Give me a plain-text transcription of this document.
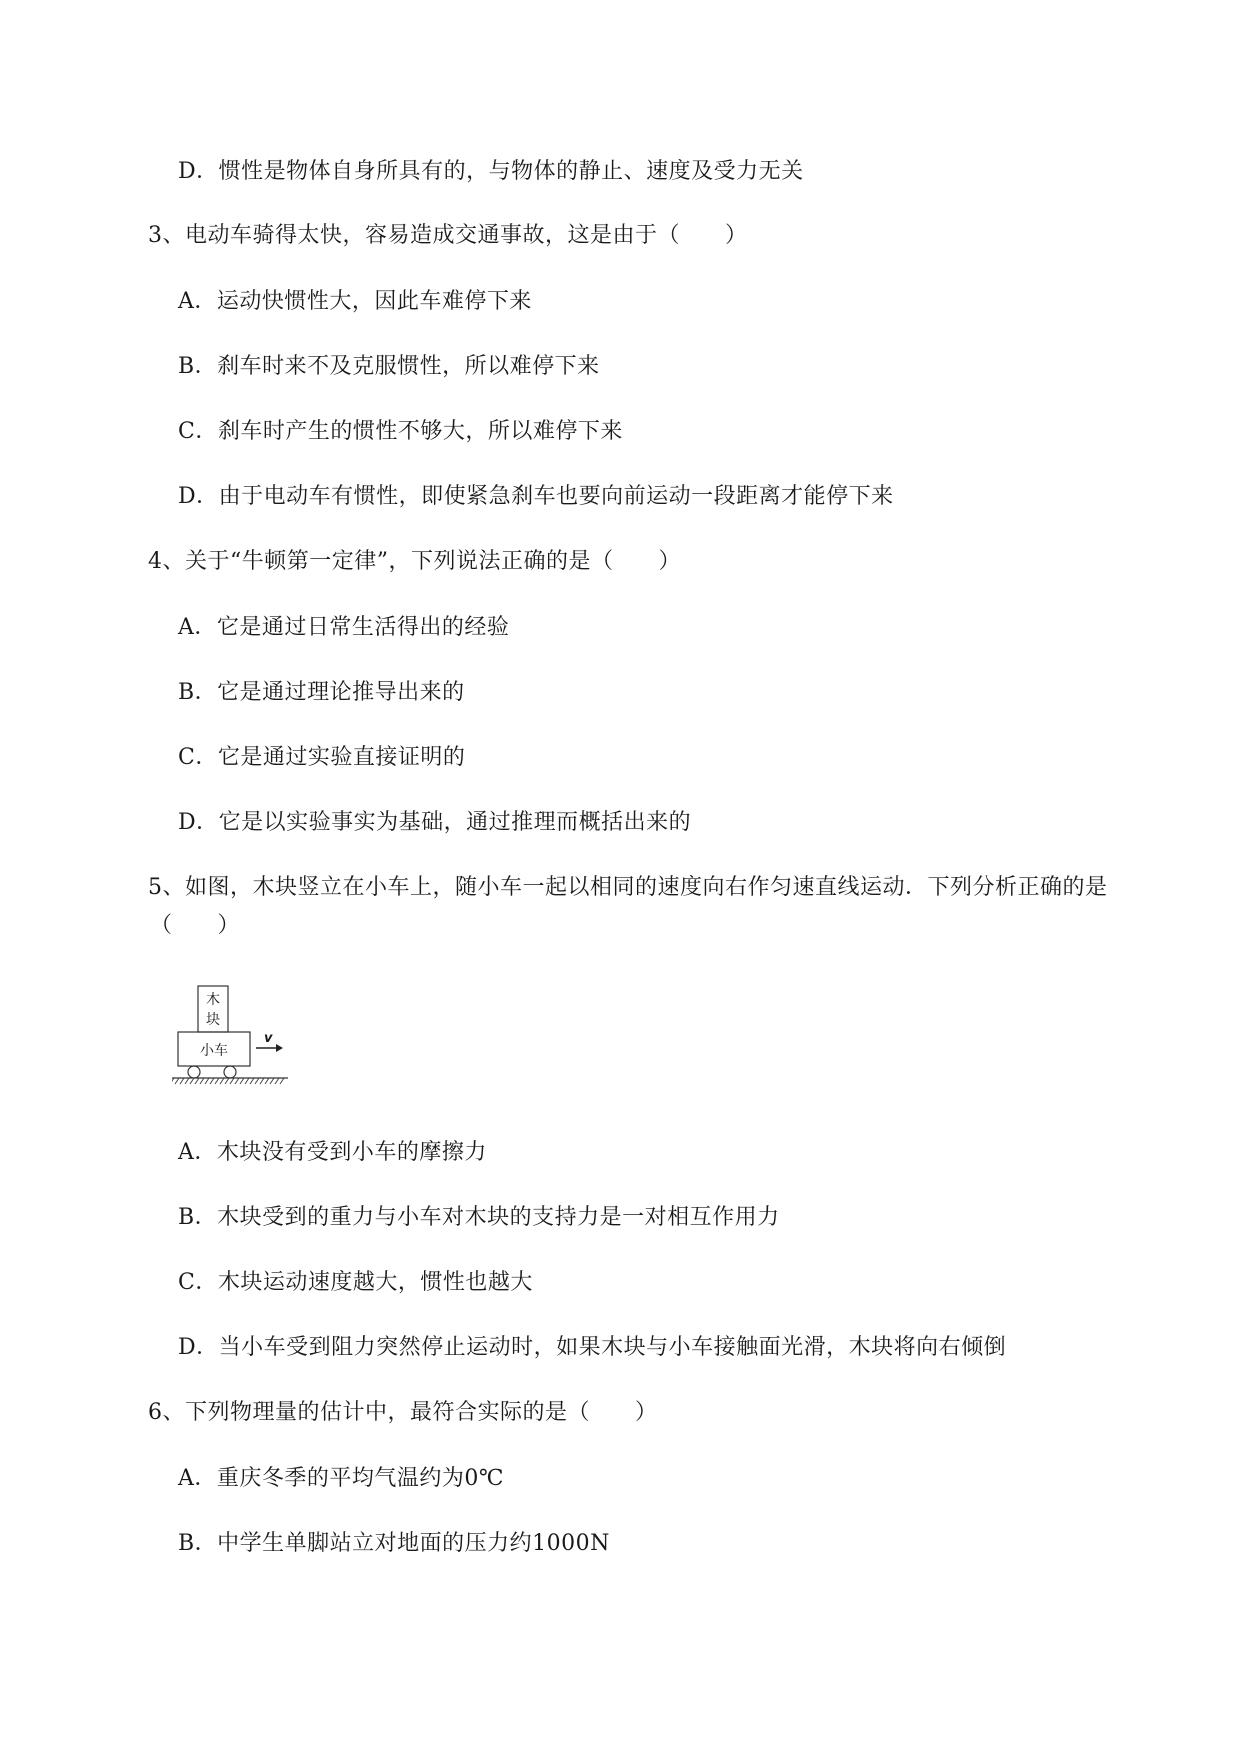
D．惯性是物体自身所具有的，与物体的静止、速度及受力无关
3、电动车骑得太快，容易造成交通事故，这是由于（　　）
A．运动快惯性大，因此车难停下来
B．刹车时来不及克服惯性，所以难停下来
C．刹车时产生的惯性不够大，所以难停下来
D．由于电动车有惯性，即使紧急刹车也要向前运动一段距离才能停下来
4、关于“牛顿第一定律”，下列说法正确的是（　　）
A．它是通过日常生活得出的经验
B．它是通过理论推导出来的
C．它是通过实验直接证明的
D．它是以实验事实为基础，通过推理而概括出来的
5、如图，木块竖立在小车上，随小车一起以相同的速度向右作匀速直线运动．下列分析正确的是
（　　）
木
块
小车
v
A．木块没有受到小车的摩擦力
B．木块受到的重力与小车对木块的支持力是一对相互作用力
C．木块运动速度越大，惯性也越大
D．当小车受到阻力突然停止运动时，如果木块与小车接触面光滑，木块将向右倾倒
6、下列物理量的估计中，最符合实际的是（　　）
A．重庆冬季的平均气温约为0℃
B．中学生单脚站立对地面的压力约1000N
